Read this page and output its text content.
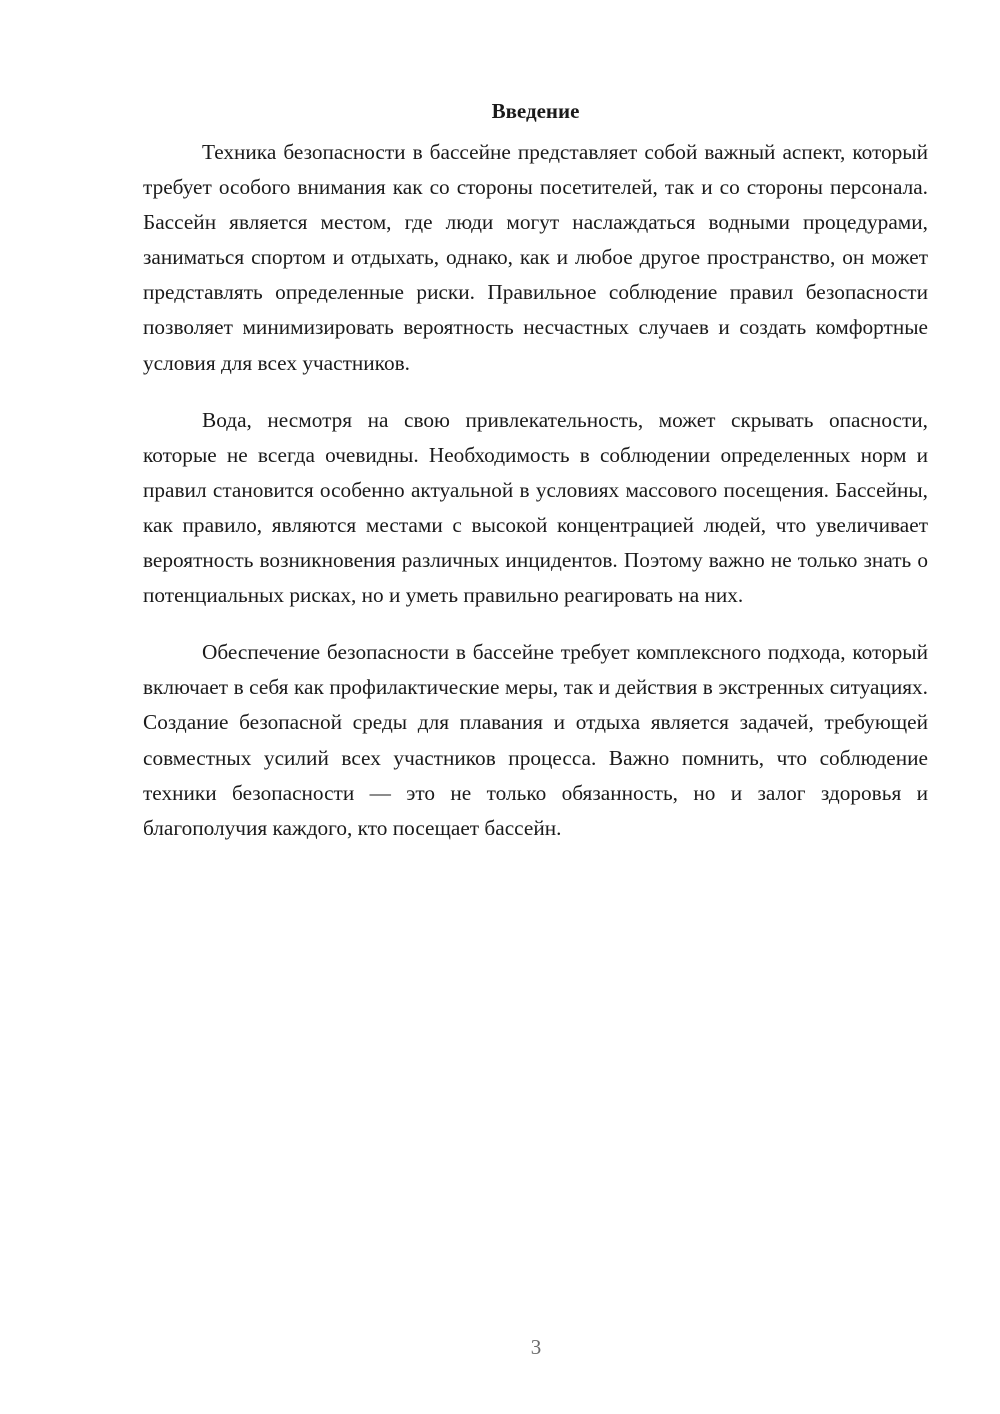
Введение

Техника безопасности в бассейне представляет собой важный аспект, который требует особого внимания как со стороны посетителей, так и со стороны персонала. Бассейн является местом, где люди могут наслаждаться водными процедурами, заниматься спортом и отдыхать, однако, как и любое другое пространство, он может представлять определенные риски. Правильное соблюдение правил безопасности позволяет минимизировать вероятность несчастных случаев и создать комфортные условия для всех участников.

Вода, несмотря на свою привлекательность, может скрывать опасности, которые не всегда очевидны. Необходимость в соблюдении определенных норм и правил становится особенно актуальной в условиях массового посещения. Бассейны, как правило, являются местами с высокой концентрацией людей, что увеличивает вероятность возникновения различных инцидентов. Поэтому важно не только знать о потенциальных рисках, но и уметь правильно реагировать на них.

Обеспечение безопасности в бассейне требует комплексного подхода, который включает в себя как профилактические меры, так и действия в экстренных ситуациях. Создание безопасной среды для плавания и отдыха является задачей, требующей совместных усилий всех участников процесса. Важно помнить, что соблюдение техники безопасности — это не только обязанность, но и залог здоровья и благополучия каждого, кто посещает бассейн.

3
